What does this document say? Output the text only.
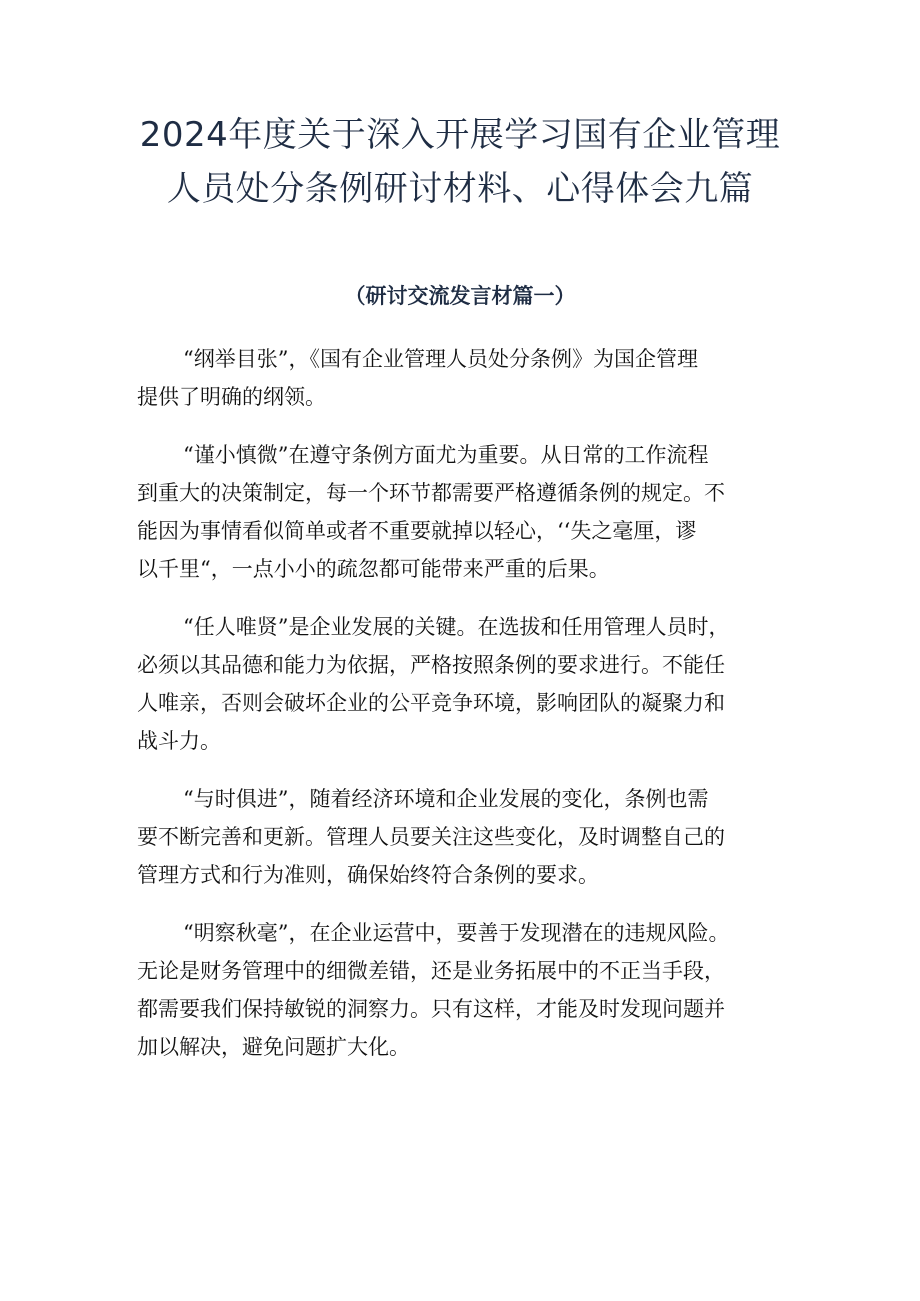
2024年度关于深入开展学习国有企业管理
人员处分条例研讨材料、心得体会九篇
（研讨交流发言材篇一）
“纲举目张”，《国有企业管理人员处分条例》为国企管理
提供了明确的纲领。
“谨小慎微”在遵守条例方面尤为重要。从日常的工作流程
到重大的决策制定，每一个环节都需要严格遵循条例的规定。不
能因为事情看似简单或者不重要就掉以轻心，‘‘失之毫厘，谬
以千里“，一点小小的疏忽都可能带来严重的后果。
“任人唯贤”是企业发展的关键。在选拔和任用管理人员时，
必须以其品德和能力为依据，严格按照条例的要求进行。不能任
人唯亲，否则会破坏企业的公平竞争环境，影响团队的凝聚力和
战斗力。
“与时俱进”，随着经济环境和企业发展的变化，条例也需
要不断完善和更新。管理人员要关注这些变化，及时调整自己的
管理方式和行为准则，确保始终符合条例的要求。
“明察秋毫”，在企业运营中，要善于发现潜在的违规风险。
无论是财务管理中的细微差错，还是业务拓展中的不正当手段，
都需要我们保持敏锐的洞察力。只有这样，才能及时发现问题并
加以解决，避免问题扩大化。
